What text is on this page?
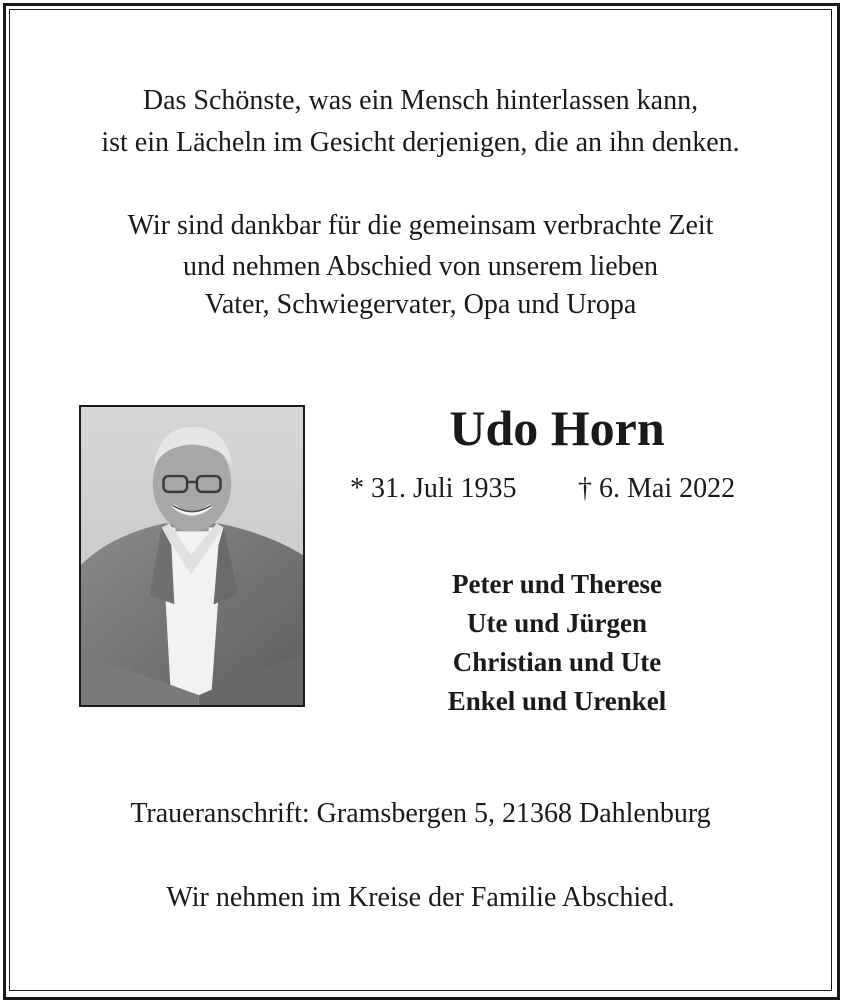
Das Schönste, was ein Mensch hinterlassen kann,
ist ein Lächeln im Gesicht derjenigen, die an ihn denken.
Wir sind dankbar für die gemeinsam verbrachte Zeit
und nehmen Abschied von unserem lieben
Vater, Schwiegervater, Opa und Uropa
Udo Horn
* 31. Juli 1935 † 6. Mai 2022
Peter und Therese
Ute und Jürgen
Christian und Ute
Enkel und Urenkel
Traueranschrift: Gramsbergen 5, 21368 Dahlenburg
Wir nehmen im Kreise der Familie Abschied.
